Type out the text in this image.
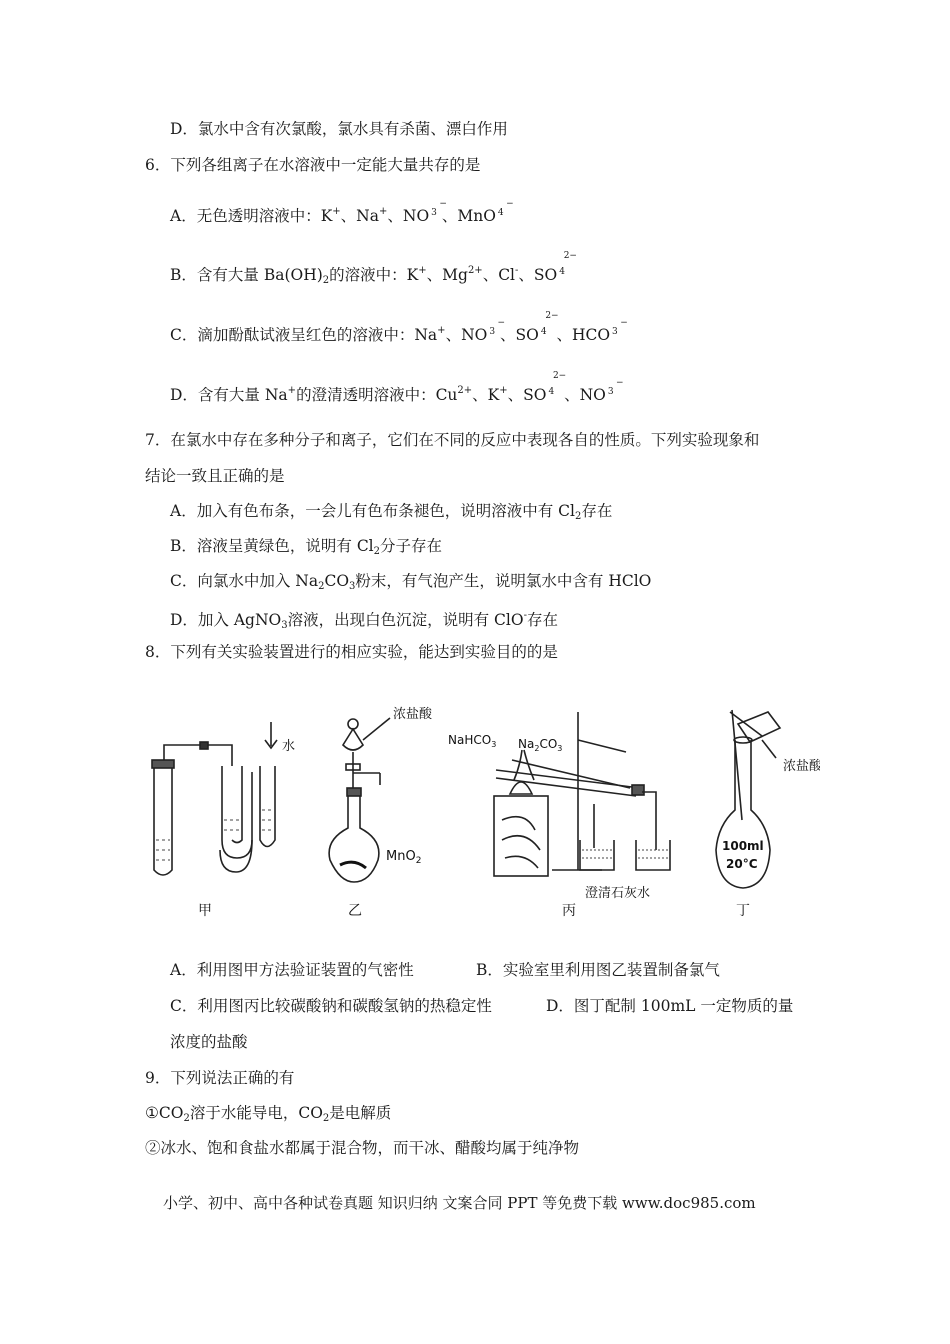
D．氯水中含有次氯酸，氯水具有杀菌、漂白作用
6．下列各组离子在水溶液中一定能大量共存的是
A．无色透明溶液中：K+、Na+、NO $^3$
−
、MnO $^4$
−
B．含有大量 $Ba(OH)_2$的溶液中：K+、$Mg^{2+}$、Cl-、SO $^4$
2−
C．滴加酚酞试液呈红色的溶液中：Na+、NO $^3$
−
、SO $^4$
2−
、HCO $^3$
−
D．含有大量 Na+的澄清透明溶液中：$Cu^{2+}$、K+、SO $^4$
2−
、NO $^3$
−
7．在氯水中存在多种分子和离子，它们在不同的反应中表现各自的性质。下列实验现象和
结论一致且正确的是
A．加入有色布条，一会儿有色布条褪色，说明溶液中有 $Cl_2$存在
B．溶液呈黄绿色，说明有 $Cl_2$分子存在
C．向氯水中加入 $Na_2CO_3$粉末，有气泡产生，说明氯水中含有 HClO
D．加入 AgNO$_3$溶液，出现白色沉淀，说明有 ClO-存在
8．下列有关实验装置进行的相应实验，能达到实验目的的是
水
浓盐酸
MnO$_2$
NaHCO$_3$ $Na_2CO_3$
澄清石灰水
浓盐酸
100ml
20°C
甲	乙	丙	丁
A．利用图甲方法验证装置的气密性	B．实验室里利用图乙装置制备氯气
C．利用图丙比较碳酸钠和碳酸氢钠的热稳定性	D．图丁配制 100mL 一定物质的量
浓度的盐酸
9．下列说法正确的有
$①CO_2$溶于水能导电，$CO_2$是电解质
②冰水、饱和食盐水都属于混合物，而干冰、醋酸均属于纯净物
小学、初中、高中各种试卷真题 知识归纳 文案合同 PPT 等免费下载 www.doc985.com
